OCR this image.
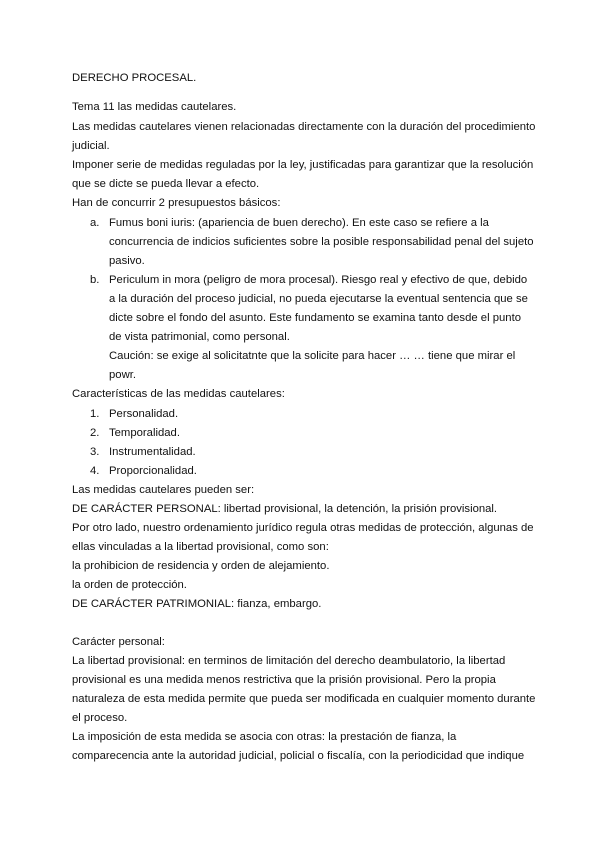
DERECHO PROCESAL.
Tema 11 las medidas cautelares.
Las medidas cautelares vienen relacionadas directamente con la duración del procedimiento
judicial.
Imponer serie de medidas reguladas por la ley, justificadas para garantizar que la resolución
que se dicte se pueda llevar a efecto.
Han de concurrir 2 presupuestos básicos:
a. Fumus boni iuris: (apariencia de buen derecho). En este caso se refiere a la
concurrencia de indicios suficientes sobre la posible responsabilidad penal del sujeto
pasivo.
b. Periculum in mora (peligro de mora procesal). Riesgo real y efectivo de que, debido
a la duración del proceso judicial, no pueda ejecutarse la eventual sentencia que se
dicte sobre el fondo del asunto. Este fundamento se examina tanto desde el punto
de vista patrimonial, como personal.
Caución: se exige al solicitatnte que la solicite para hacer … … tiene que mirar el
powr.
Características de las medidas cautelares:
1. Personalidad.
2. Temporalidad.
3. Instrumentalidad.
4. Proporcionalidad.
Las medidas cautelares pueden ser:
DE CARÁCTER PERSONAL: libertad provisional, la detención, la prisión provisional.
Por otro lado, nuestro ordenamiento jurídico regula otras medidas de protección, algunas de
ellas vinculadas a la libertad provisional, como son:
la prohibicion de residencia y orden de alejamiento.
la orden de protección.
DE CARÁCTER PATRIMONIAL: fianza, embargo.
Carácter personal:
La libertad provisional: en terminos de limitación del derecho deambulatorio, la libertad
provisional es una medida menos restrictiva que la prisión provisional. Pero la propia
naturaleza de esta medida permite que pueda ser modificada en cualquier momento durante
el proceso.
La imposición de esta medida se asocia con otras: la prestación de fianza, la
comparecencia ante la autoridad judicial, policial o fiscalía, con la periodicidad que indique
